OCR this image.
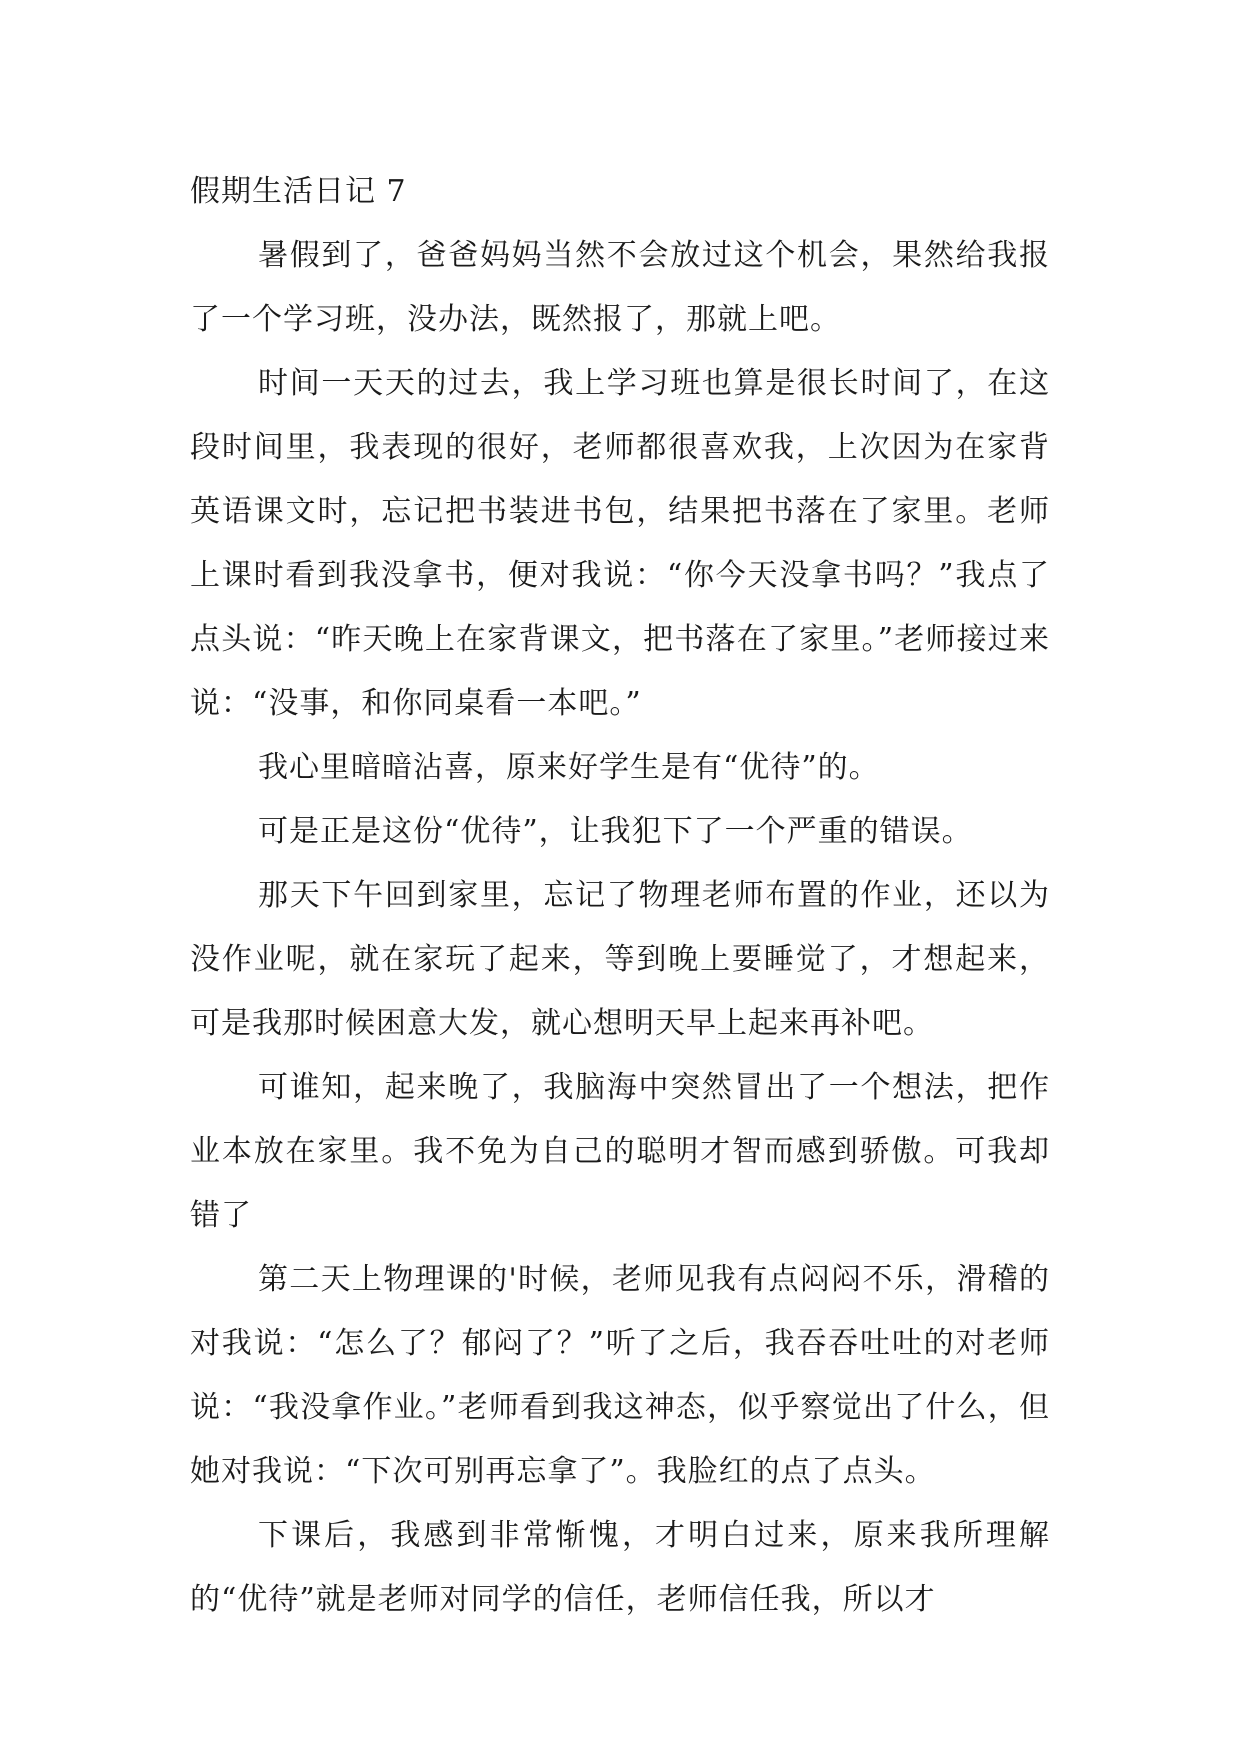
假期生活日记 7

暑假到了，爸爸妈妈当然不会放过这个机会，果然给我报了一个学习班，没办法，既然报了，那就上吧。

时间一天天的过去，我上学习班也算是很长时间了，在这段时间里，我表现的很好，老师都很喜欢我，上次因为在家背英语课文时，忘记把书装进书包，结果把书落在了家里。老师上课时看到我没拿书，便对我说：“你今天没拿书吗？”我点了点头说：“昨天晚上在家背课文，把书落在了家里。”老师接过来说：“没事，和你同桌看一本吧。”

我心里暗暗沾喜，原来好学生是有“优待”的。

可是正是这份“优待”，让我犯下了一个严重的错误。

那天下午回到家里，忘记了物理老师布置的作业，还以为没作业呢，就在家玩了起来，等到晚上要睡觉了，才想起来，可是我那时候困意大发，就心想明天早上起来再补吧。

可谁知，起来晚了，我脑海中突然冒出了一个想法，把作业本放在家里。我不免为自己的聪明才智而感到骄傲。可我却错了

第二天上物理课的'时候，老师见我有点闷闷不乐，滑稽的对我说：“怎么了？郁闷了？”听了之后，我吞吞吐吐的对老师说：“我没拿作业。”老师看到我这神态，似乎察觉出了什么，但她对我说：“下次可别再忘拿了”。我脸红的点了点头。

下课后，我感到非常惭愧，才明白过来，原来我所理解的“优待”就是老师对同学的信任，老师信任我，所以才
